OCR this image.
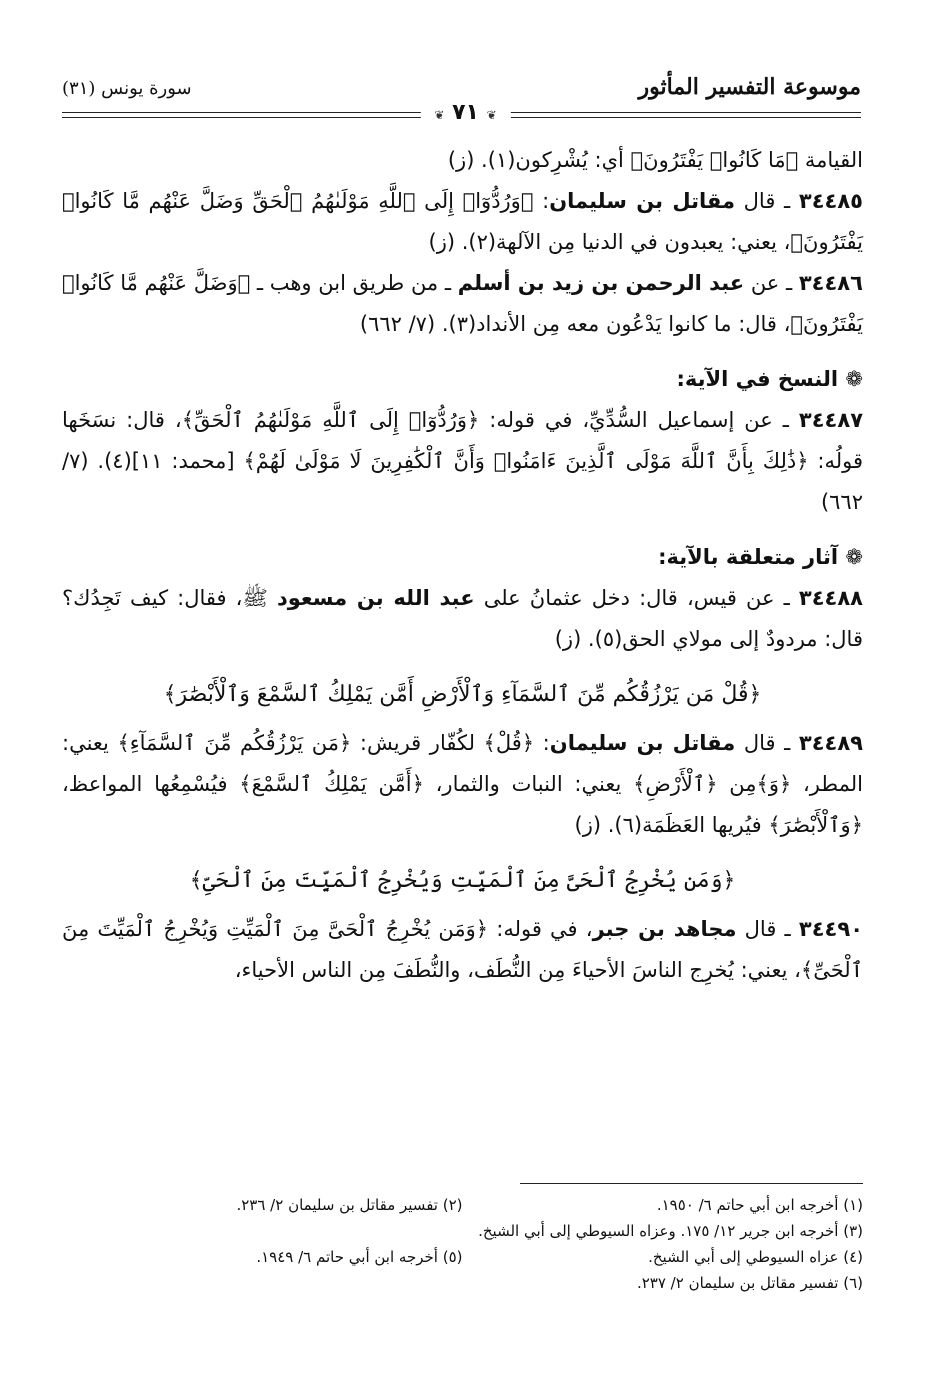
موسوعة التفسير المأثور
سورة يونس (٣١)
❦ ٧١ ❦

القيامة ﴿مَا كَانُوا۟ يَفْتَرُونَ﴾ أي: يُشْرِكون(١). (ز)

٣٤٤٨٥ ـ قال مقاتل بن سليمان: ﴿وَرُدُّوٓا۟ إِلَى ٱللَّهِ مَوْلَىٰهُمُ ٱلْحَقِّ وَضَلَّ عَنْهُم مَّا كَانُوا۟ يَفْتَرُونَ﴾، يعني: يعبدون في الدنيا مِن الآلهة(٢). (ز)

٣٤٤٨٦ ـ عن عبد الرحمن بن زيد بن أسلم ـ من طريق ابن وهب ـ ﴿وَضَلَّ عَنْهُم مَّا كَانُوا۟ يَفْتَرُونَ﴾، قال: ما كانوا يَدْعُون معه مِن الأنداد(٣). (٧/ ٦٦٢)

❁ النسخ في الآية:

٣٤٤٨٧ ـ عن إسماعيل السُّدِّيِّ، في قوله: ﴿وَرُدُّوٓا۟ إِلَى ٱللَّهِ مَوْلَىٰهُمُ ٱلْحَقِّ﴾، قال: نسَخَها قولُه: ﴿ذَٰلِكَ بِأَنَّ ٱللَّهَ مَوْلَى ٱلَّذِينَ ءَامَنُوا۟ وَأَنَّ ٱلْكَٰفِرِينَ لَا مَوْلَىٰ لَهُمْ﴾ [محمد: ١١](٤). (٧/ ٦٦٢)

❁ آثار متعلقة بالآية:

٣٤٤٨٨ ـ عن قيس، قال: دخل عثمانُ على عبد الله بن مسعود ﷺ، فقال: كيف تَجِدُك؟ قال: مردودٌ إلى مولاي الحق(٥). (ز)

﴿قُلْ مَن يَرْزُقُكُم مِّنَ ٱلسَّمَآءِ وَٱلْأَرْضِ أَمَّن يَمْلِكُ ٱلسَّمْعَ وَٱلْأَبْصَٰرَ﴾

٣٤٤٨٩ ـ قال مقاتل بن سليمان: ﴿قُلْ﴾ لكُفّار قريش: ﴿مَن يَرْزُقُكُم مِّنَ ٱلسَّمَآءِ﴾ يعني: المطر، ﴿وَ﴾مِن ﴿ٱلْأَرْضِ﴾ يعني: النبات والثمار، ﴿أَمَّن يَمْلِكُ ٱلسَّمْعَ﴾ فيُسْمِعُها المواعظ، ﴿وَٱلْأَبْصَٰرَ﴾ فيُريها العَظَمَة(٦). (ز)

﴿وَمَن يُخْرِجُ ٱلْحَىَّ مِنَ ٱلْمَيِّتِ وَيُخْرِجُ ٱلْمَيِّتَ مِنَ ٱلْحَىِّ﴾

٣٤٤٩٠ ـ قال مجاهد بن جبر، في قوله: ﴿وَمَن يُخْرِجُ ٱلْحَىَّ مِنَ ٱلْمَيِّتِ وَيُخْرِجُ ٱلْمَيِّتَ مِنَ ٱلْحَىِّ﴾، يعني: يُخرِج الناسَ الأحياءَ مِن النُّطَف، والنُّطَفَ مِن الناس الأحياء،

(١) أخرجه ابن أبي حاتم ٦/ ١٩٥٠.
(٢) تفسير مقاتل بن سليمان ٢/ ٢٣٦.
(٣) أخرجه ابن جرير ١٢/ ١٧٥. وعزاه السيوطي إلى أبي الشيخ.
(٤) عزاه السيوطي إلى أبي الشيخ.
(٥) أخرجه ابن أبي حاتم ٦/ ١٩٤٩.
(٦) تفسير مقاتل بن سليمان ٢/ ٢٣٧.
